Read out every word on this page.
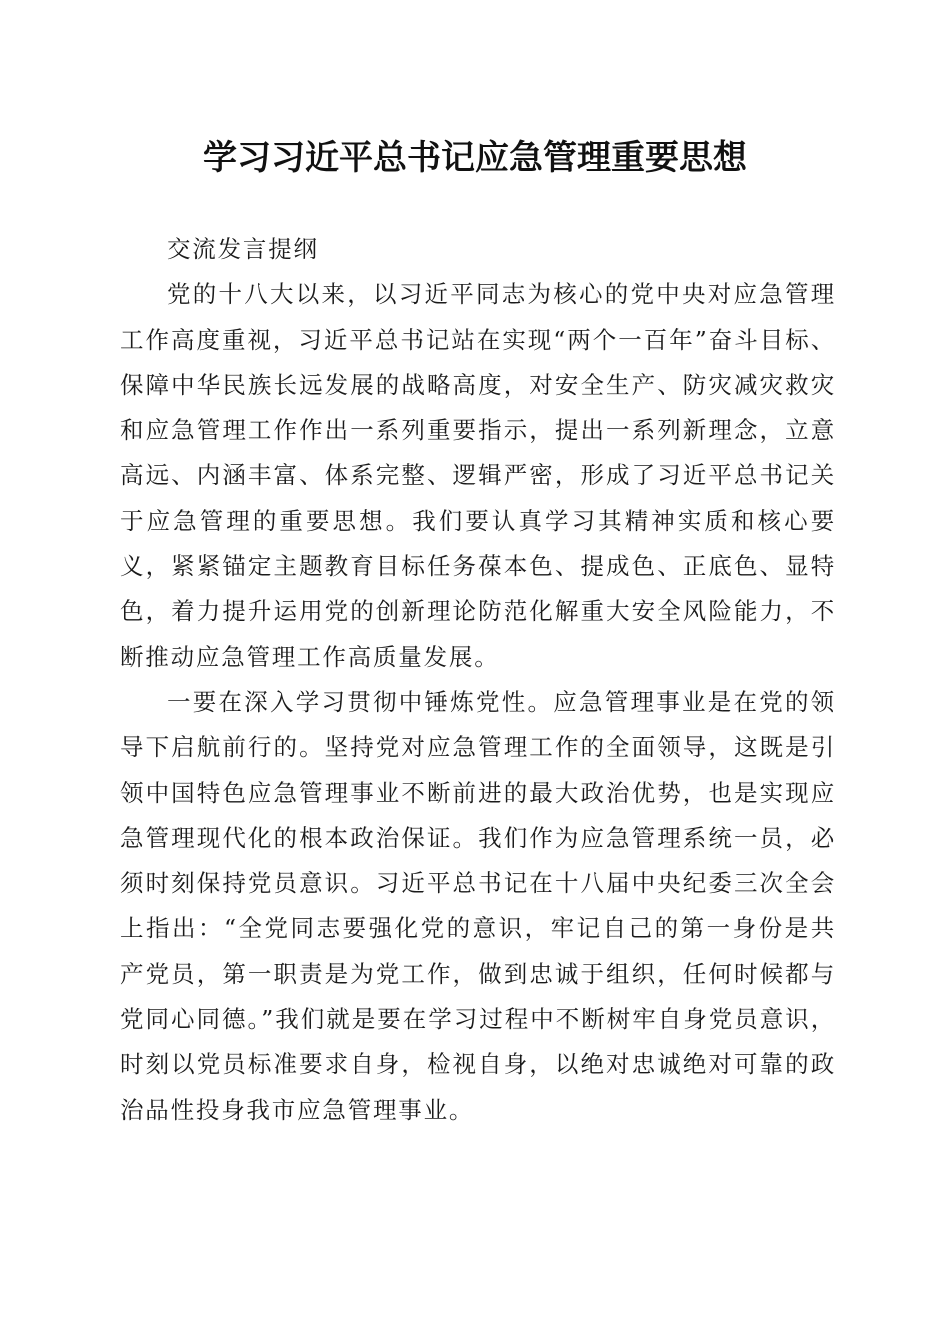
学习习近平总书记应急管理重要思想

交流发言提纲

党的十八大以来，以习近平同志为核心的党中央对应急管理工作高度重视，习近平总书记站在实现“两个一百年”奋斗目标、保障中华民族长远发展的战略高度，对安全生产、防灾减灾救灾和应急管理工作作出一系列重要指示，提出一系列新理念，立意高远、内涵丰富、体系完整、逻辑严密，形成了习近平总书记关于应急管理的重要思想。我们要认真学习其精神实质和核心要义，紧紧锚定主题教育目标任务葆本色、提成色、正底色、显特色，着力提升运用党的创新理论防范化解重大安全风险能力，不断推动应急管理工作高质量发展。

一要在深入学习贯彻中锤炼党性。应急管理事业是在党的领导下启航前行的。坚持党对应急管理工作的全面领导，这既是引领中国特色应急管理事业不断前进的最大政治优势，也是实现应急管理现代化的根本政治保证。我们作为应急管理系统一员，必须时刻保持党员意识。习近平总书记在十八届中央纪委三次全会上指出：“全党同志要强化党的意识，牢记自己的第一身份是共产党员，第一职责是为党工作，做到忠诚于组织，任何时候都与党同心同德。”我们就是要在学习过程中不断树牢自身党员意识，时刻以党员标准要求自身，检视自身，以绝对忠诚绝对可靠的政治品性投身我市应急管理事业。
